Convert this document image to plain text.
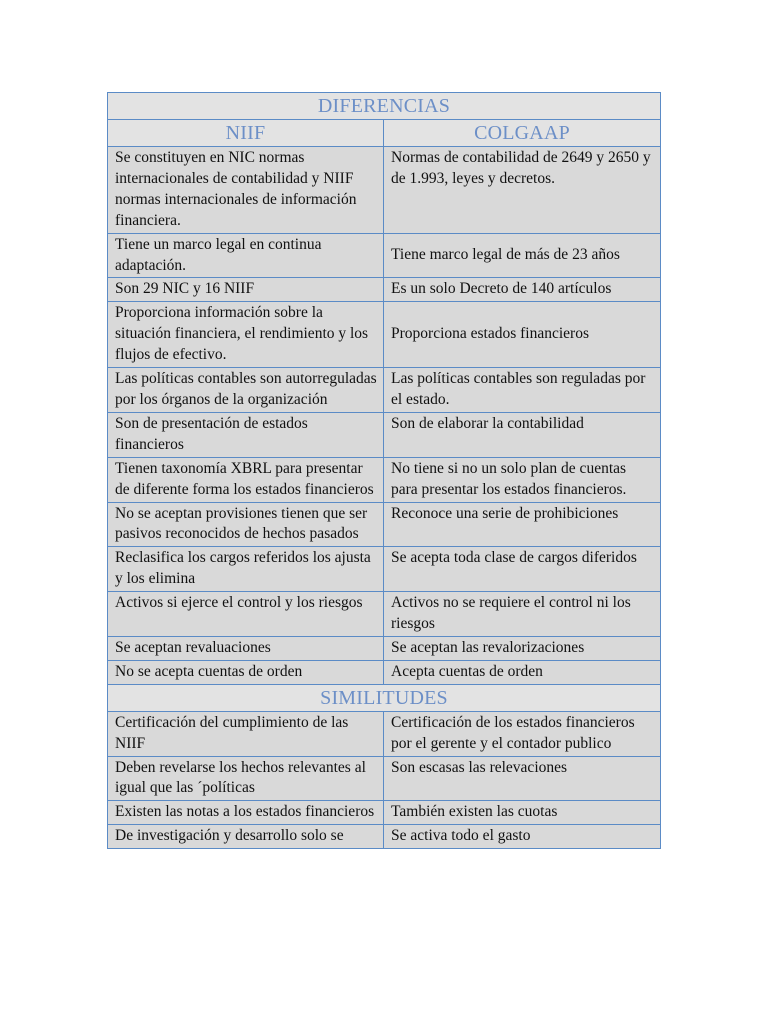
DIFERENCIAS	
NIIF	COLGAAP
Se constituyen en NIC normas internacionales de contabilidad y NIIF normas internacionales de información financiera.	Normas de contabilidad de 2649 y 2650 y de 1.993, leyes y decretos.
Tiene un marco legal en continua adaptación.	Tiene marco legal de más de 23 años
Son 29 NIC y 16 NIIF	Es un solo Decreto de 140 artículos
Proporciona información sobre la situación financiera, el rendimiento y los flujos de efectivo.	Proporciona estados financieros
Las políticas contables son autorreguladas por los órganos de la organización	Las políticas contables son reguladas por el estado.
Son de presentación de estados financieros	Son de elaborar la contabilidad
Tienen taxonomía XBRL para presentar de diferente forma los estados financieros	No tiene si no un solo plan de cuentas para presentar los estados financieros.
No se aceptan provisiones tienen que ser pasivos reconocidos de hechos pasados	Reconoce una serie de prohibiciones
Reclasifica los cargos referidos los ajusta y los elimina	Se acepta toda clase de cargos diferidos
Activos si ejerce el control y los riesgos	Activos no se requiere el control ni los riesgos
Se aceptan revaluaciones	Se aceptan las revalorizaciones
No se acepta cuentas de orden	Acepta cuentas de orden
SIMILITUDES	
Certificación del cumplimiento de las NIIF	Certificación de los estados financieros por el gerente y el contador publico
Deben revelarse los hechos relevantes al igual que las ´políticas	Son escasas las relevaciones
Existen las notas a los estados financieros	También existen las cuotas
De investigación y desarrollo solo se	Se activa todo el gasto
